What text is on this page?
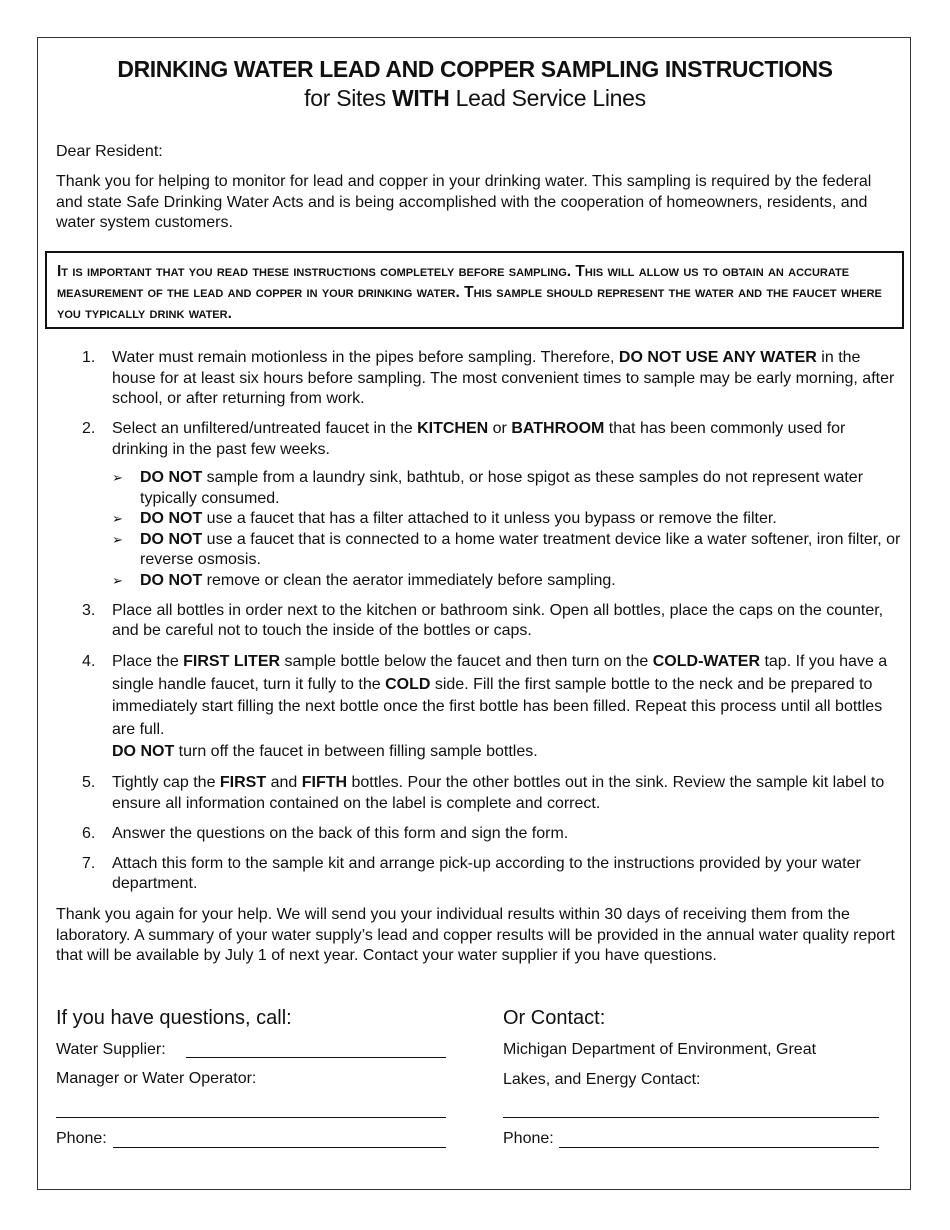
DRINKING WATER LEAD AND COPPER SAMPLING INSTRUCTIONS
for Sites WITH Lead Service Lines
Dear Resident:
Thank you for helping to monitor for lead and copper in your drinking water. This sampling is required by the federal and state Safe Drinking Water Acts and is being accomplished with the cooperation of homeowners, residents, and water system customers.
It is important that you read these instructions completely before sampling. This will allow us to obtain an accurate measurement of the lead and copper in your drinking water. This sample should represent the water and the faucet where you typically drink water.
1. Water must remain motionless in the pipes before sampling. Therefore, DO NOT USE ANY WATER in the house for at least six hours before sampling. The most convenient times to sample may be early morning, after school, or after returning from work.
2. Select an unfiltered/untreated faucet in the KITCHEN or BATHROOM that has been commonly used for drinking in the past few weeks.
➢ DO NOT sample from a laundry sink, bathtub, or hose spigot as these samples do not represent water typically consumed.
➢ DO NOT use a faucet that has a filter attached to it unless you bypass or remove the filter.
➢ DO NOT use a faucet that is connected to a home water treatment device like a water softener, iron filter, or reverse osmosis.
➢ DO NOT remove or clean the aerator immediately before sampling.
3. Place all bottles in order next to the kitchen or bathroom sink. Open all bottles, place the caps on the counter, and be careful not to touch the inside of the bottles or caps.
4. Place the FIRST LITER sample bottle below the faucet and then turn on the COLD-WATER tap. If you have a single handle faucet, turn it fully to the COLD side. Fill the first sample bottle to the neck and be prepared to immediately start filling the next bottle once the first bottle has been filled. Repeat this process until all bottles are full.
DO NOT turn off the faucet in between filling sample bottles.
5. Tightly cap the FIRST and FIFTH bottles. Pour the other bottles out in the sink. Review the sample kit label to ensure all information contained on the label is complete and correct.
6. Answer the questions on the back of this form and sign the form.
7. Attach this form to the sample kit and arrange pick-up according to the instructions provided by your water department.
Thank you again for your help. We will send you your individual results within 30 days of receiving them from the laboratory. A summary of your water supply’s lead and copper results will be provided in the annual water quality report that will be available by July 1 of next year. Contact your water supplier if you have questions.
If you have questions, call:
Water Supplier:
Manager or Water Operator:
Phone:
Or Contact:
Michigan Department of Environment, Great
Lakes, and Energy Contact:
Phone:
